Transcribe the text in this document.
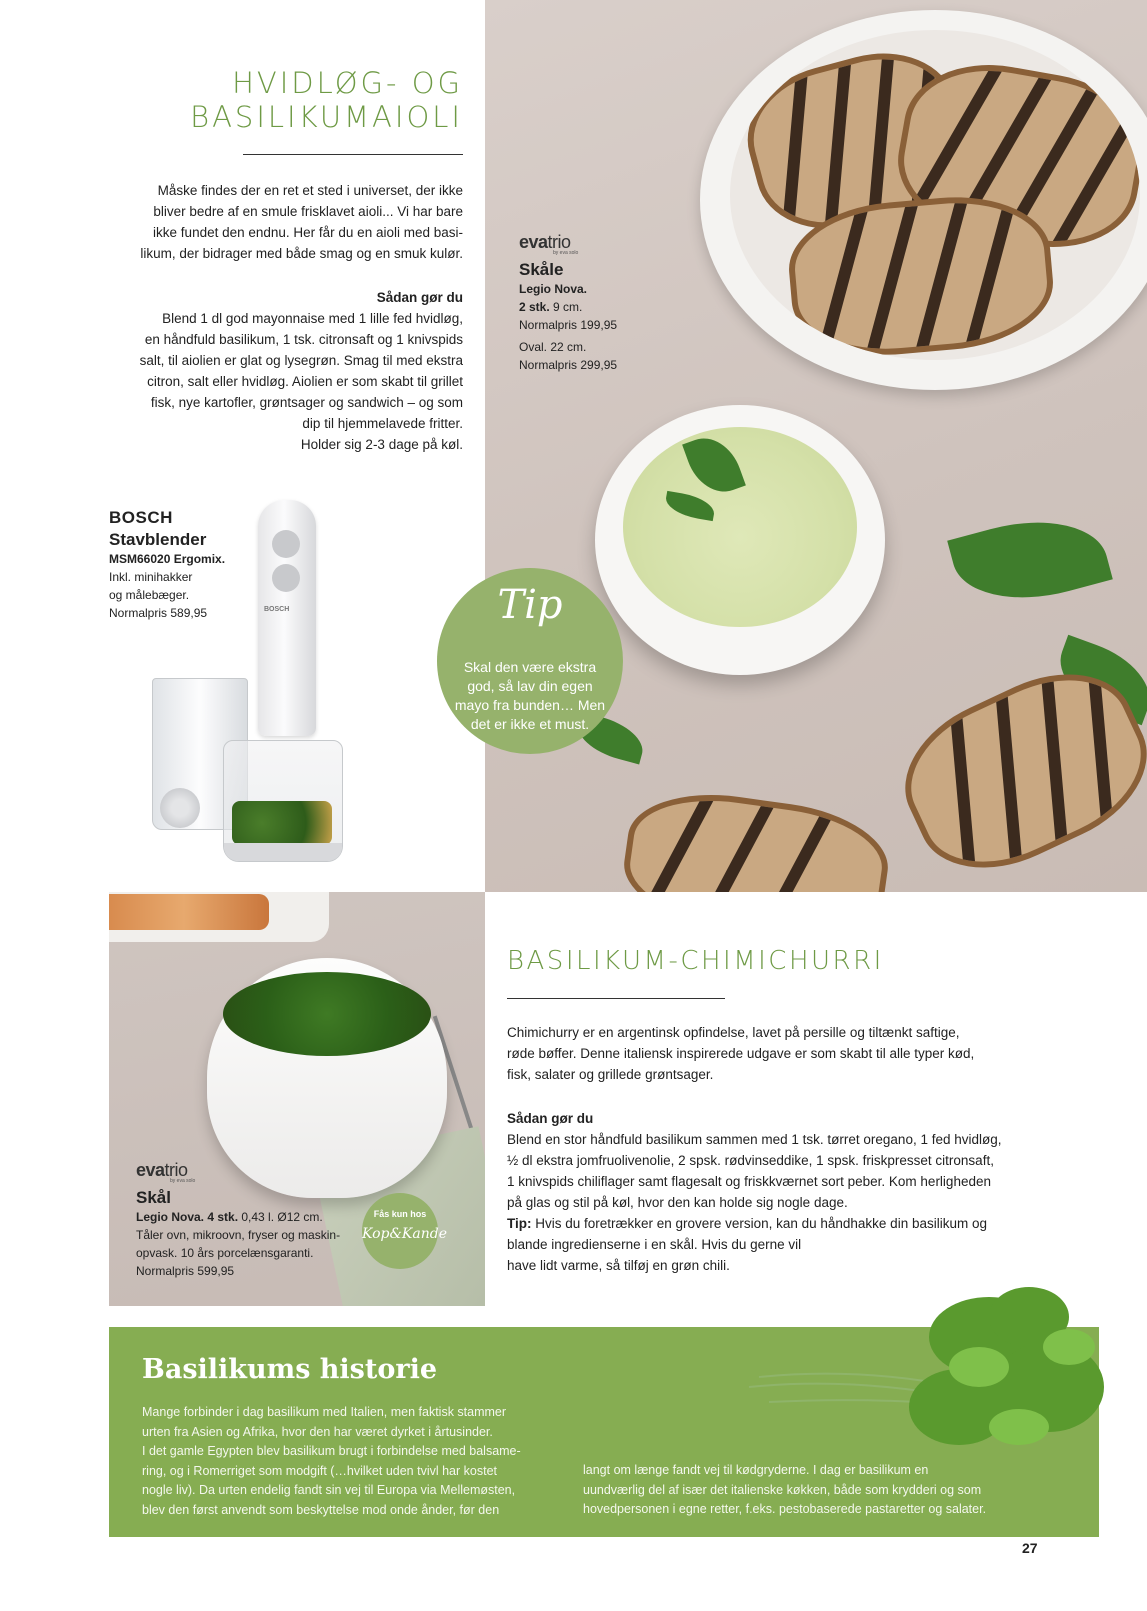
Tip
Skal den være ekstra god, så lav din egen mayo fra bunden… Men det er ikke et must.
HVIDLØG- OG
BASILIKUMAIOLI
Måske findes der en ret et sted i universet, der ikke
bliver bedre af en smule frisklavet aioli... Vi har bare
ikke fundet den endnu. Her får du en aioli med basi-
likum, der bidrager med både smag og en smuk kulør.
Sådan gør du
Blend 1 dl god mayonnaise med 1 lille fed hvidløg,
en håndfuld basilikum, 1 tsk. citronsaft og 1 knivspids
salt, til aiolien er glat og lysegrøn. Smag til med ekstra
citron, salt eller hvidløg. Aiolien er som skabt til grillet
fisk, nye kartofler, grøntsager og sandwich – og som
dip til hjemmelavede fritter.
Holder sig 2-3 dage på køl.
evatrio
by eva solo
Skåle
Legio Nova.
2 stk. 9 cm.
Normalpris 199,95
Oval. 22 cm.
Normalpris 299,95
BOSCH
Stavblender
MSM66020 Ergomix.
Inkl. minihakker
og målebæger.
Normalpris 589,95	BOSCH
evatrio
by eva solo
Skål
Legio Nova. 4 stk. 0,43 l. Ø12 cm.
Tåler ovn, mikroovn, fryser og maskin-
opvask. 10 års porcelænsgaranti.
Normalpris 599,95
Fås kun hos
Kop&Kande
BASILIKUM-CHIMICHURRI
Chimichurry er en argentinsk opfindelse, lavet på persille og tiltænkt saftige,
røde bøffer. Denne italiensk inspirerede udgave er som skabt til alle typer kød,
fisk, salater og grillede grøntsager.
Sådan gør du
Blend en stor håndfuld basilikum sammen med 1 tsk. tørret oregano, 1 fed hvidløg,
½ dl ekstra jomfruolivenolie, 2 spsk. rødvinseddike, 1 spsk. friskpresset citronsaft,
1 knivspids chiliflager samt flagesalt og friskkværnet sort peber. Kom herligheden
på glas og stil på køl, hvor den kan holde sig nogle dage.
Tip: Hvis du foretrækker en grovere version, kan du håndhakke din basilikum og
blande ingredienserne i en skål. Hvis du gerne vil
have lidt varme, så tilføj en grøn chili.
Basilikums historie
Mange forbinder i dag basilikum med Italien, men faktisk stammer
urten fra Asien og Afrika, hvor den har været dyrket i årtusinder.
I det gamle Egypten blev basilikum brugt i forbindelse med balsame-
ring, og i Romerriget som modgift (…hvilket uden tvivl har kostet
nogle liv). Da urten endelig fandt sin vej til Europa via Mellemøsten,
blev den først anvendt som beskyttelse mod onde ånder, før den
langt om længe fandt vej til kødgryderne. I dag er basilikum en
uundværlig del af især det italienske køkken, både som krydderi og som
hovedpersonen i egne retter, f.eks. pestobaserede pastaretter og salater.
27
